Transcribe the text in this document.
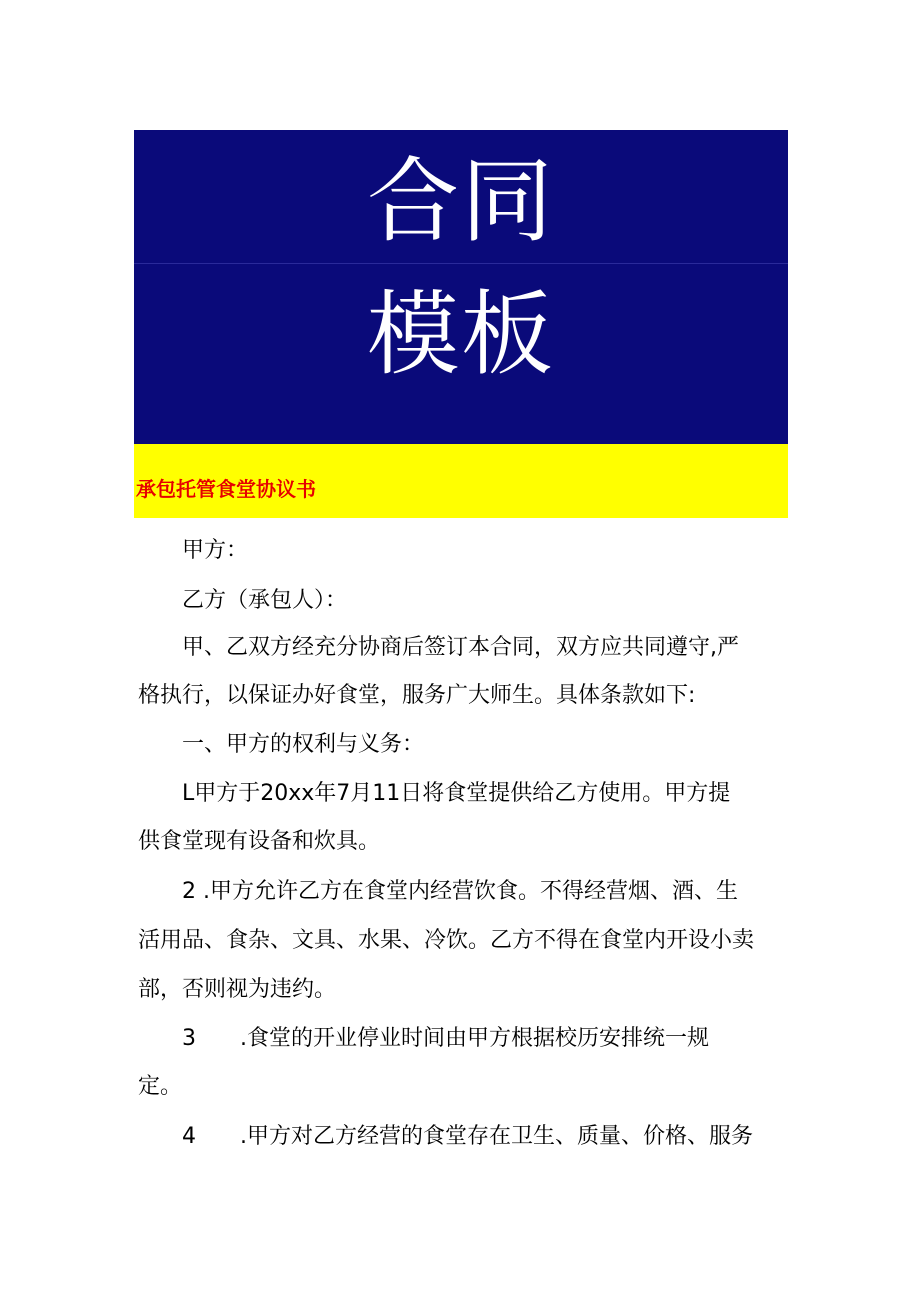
合同
模板
承包托管食堂协议书
　　甲方：
　　乙方（承包人）：
　　甲、乙双方经充分协商后签订本合同，双方应共同遵守,严
格执行，以保证办好食堂，服务广大师生。具体条款如下:
　　一、甲方的权利与义务：
　　L甲方于20xx年7月11日将食堂提供给乙方使用。甲方提
供食堂现有设备和炊具。
　　2 .甲方允许乙方在食堂内经营饮食。不得经营烟、酒、生
活用品、食杂、文具、水果、冷饮。乙方不得在食堂内开设小卖
部，否则视为违约。
　　3　　.食堂的开业停业时间由甲方根据校历安排统一规
定。
　　4　　.甲方对乙方经营的食堂存在卫生、质量、价格、服务
